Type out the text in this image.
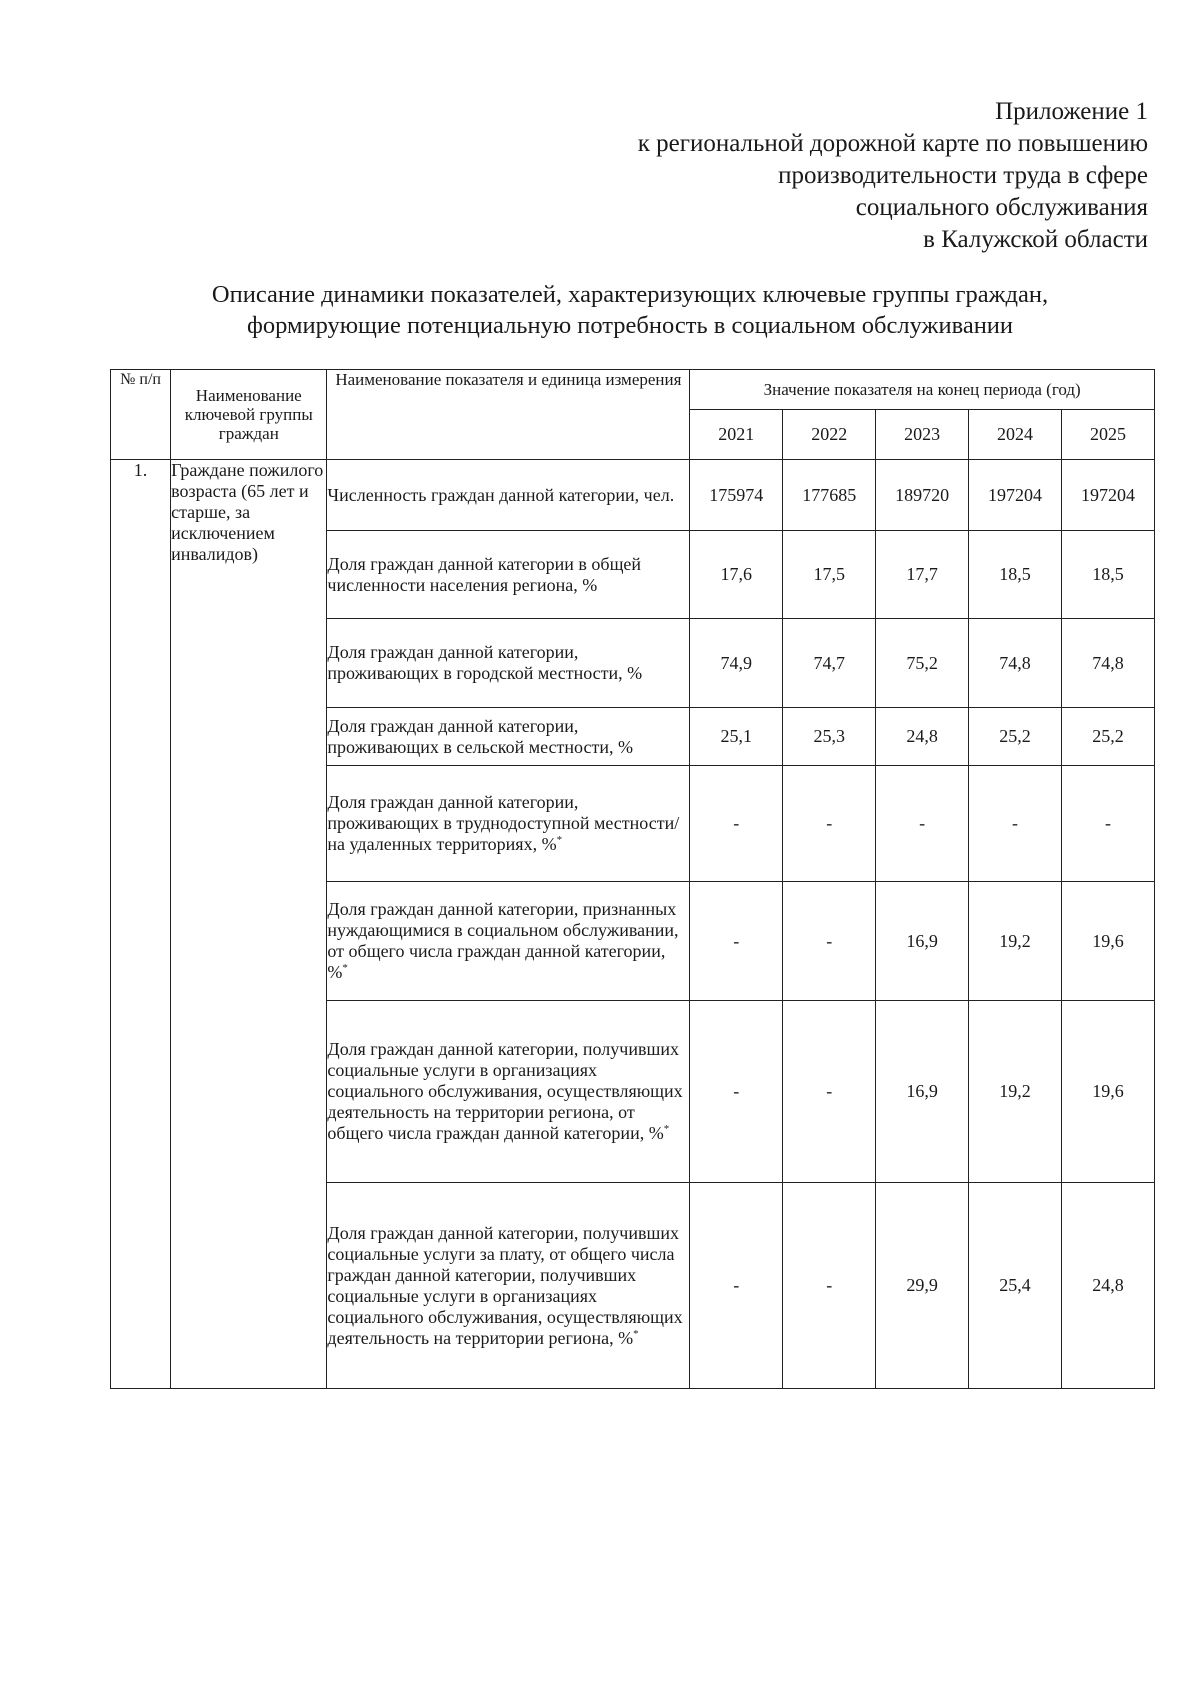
Приложение 1
к региональной дорожной карте по повышению
производительности труда в сфере
социального обслуживания
в Калужской области
Описание динамики показателей, характеризующих ключевые группы граждан,
формирующие потенциальную потребность в социальном обслуживании
№ п/п	Наименование ключевой группы граждан	Наименование показателя и единица измерения	Значение показателя на конец периода (год)				
			2021	2022	2023	2024	2025
1.	Граждане пожилого возраста (65 лет и старше, за исключением инвалидов)	Численность граждан данной категории, чел.	175974	177685	189720	197204	197204
		Доля граждан данной категории в общей численности населения региона, %	17,6	17,5	17,7	18,5	18,5
		Доля граждан данной категории, проживающих в городской местности, %	74,9	74,7	75,2	74,8	74,8
		Доля граждан данной категории, проживающих в сельской местности, %	25,1	25,3	24,8	25,2	25,2
		Доля граждан данной категории, проживающих в труднодоступной местности/на удаленных территориях, %*	-	-	-	-	-
		Доля граждан данной категории, признанных нуждающимися в социальном обслуживании, от общего числа граждан данной категории, %*	-	-	16,9	19,2	19,6
		Доля граждан данной категории, получивших социальные услуги в организациях социального обслуживания, осуществляющих деятельность на территории региона, от общего числа граждан данной категории, %*	-	-	16,9	19,2	19,6
		Доля граждан данной категории, получивших социальные услуги за плату, от общего числа граждан данной категории, получивших социальные услуги в организациях социального обслуживания, осуществляющих деятельность на территории региона, %*	-	-	29,9	25,4	24,8
